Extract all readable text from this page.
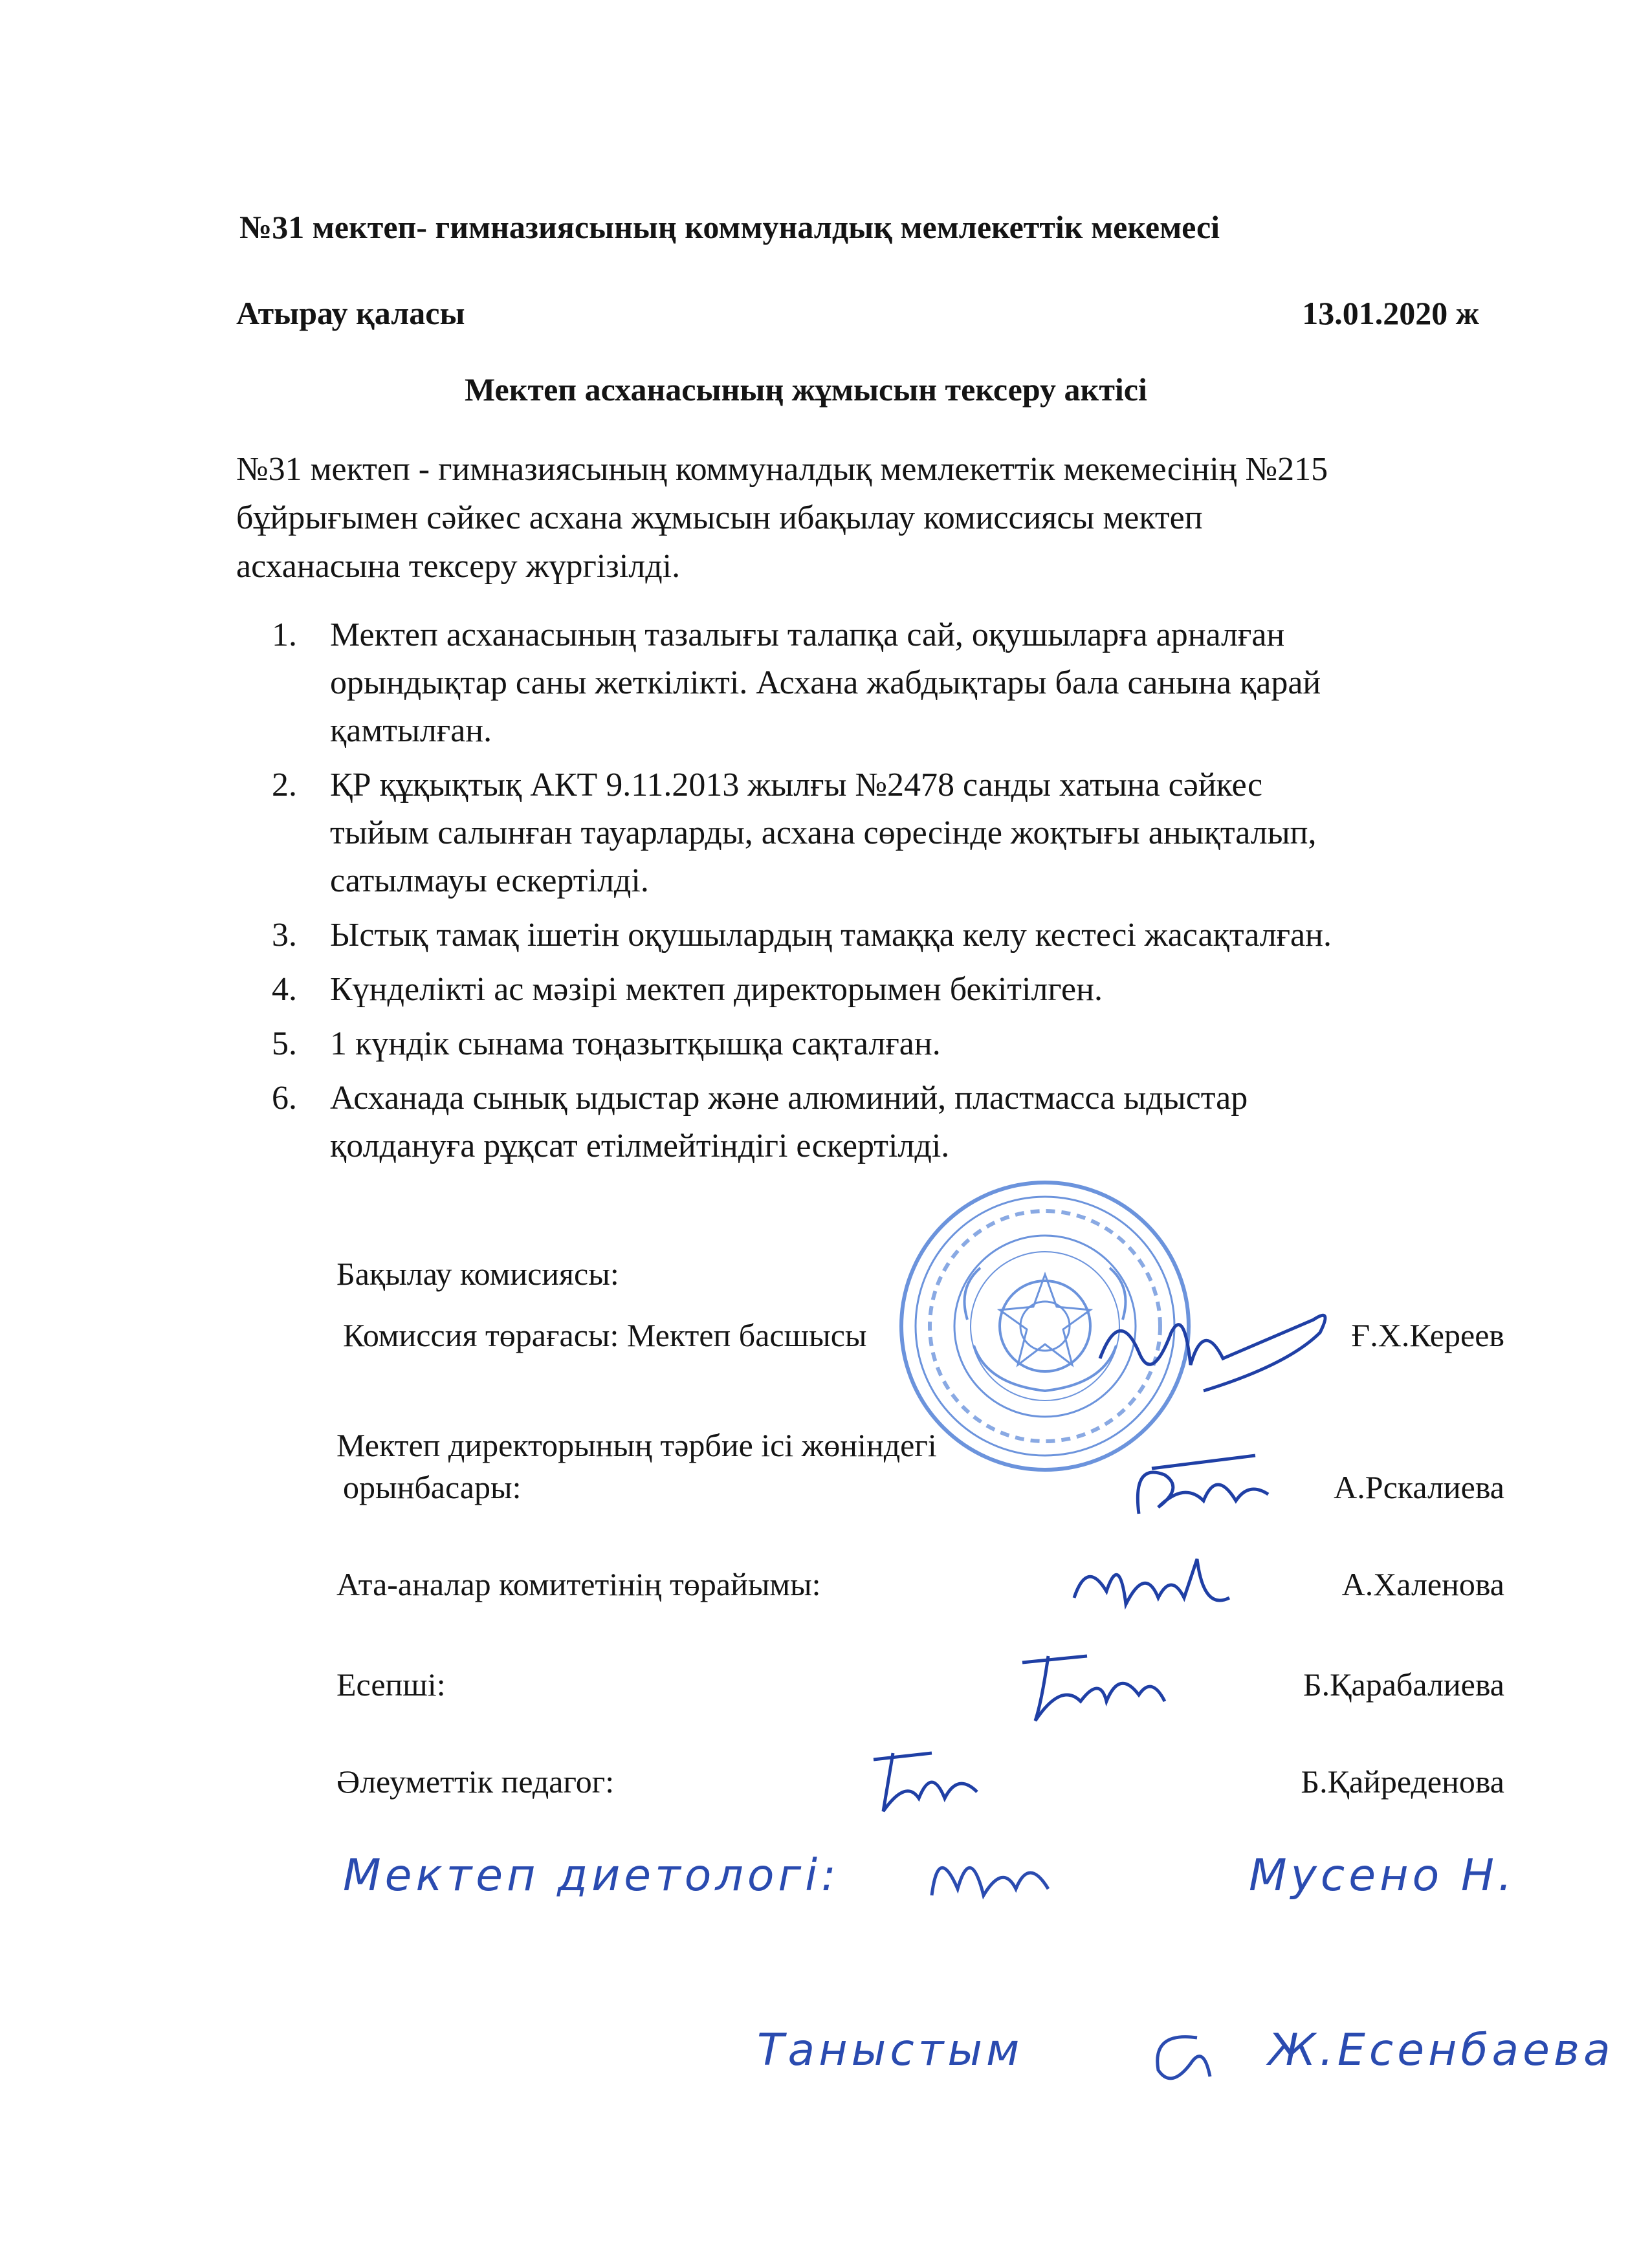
№31 мектеп- гимназиясының коммуналдық мемлекеттік мекемесі
Атырау қаласы	13.01.2020 ж
Мектеп асханасының жұмысын тексеру актісі
№31 мектеп - гимназиясының коммуналдық мемлекеттік мекемесінің №215
бұйрығымен сәйкес асхана жұмысын ибақылау комиссиясы мектеп
асханасына тексеру жүргізілді.
1. Мектеп асханасының тазалығы талапқа сай, оқушыларға арналған
орындықтар саны жеткілікті. Асхана жабдықтары бала санына қарай
қамтылған.
2. ҚР құқықтық АКТ 9.11.2013 жылғы №2478 санды хатына сәйкес
тыйым салынған тауарларды, асхана сөресінде жоқтығы анықталып,
сатылмауы ескертілді.
3. Ыстық тамақ ішетін оқушылардың тамаққа келу кестесі жасақталған.
4. Күнделікті ас мәзірі мектеп директорымен бекітілген.
5. 1 күндік сынама тоңазытқышқа сақталған.
6. Асханада сынық ыдыстар және алюминий, пластмасса ыдыстар
қолдануға рұқсат етілмейтіндігі ескертілді.
Бақылау комисиясы:
Комиссия төрағасы: Мектеп басшысы	Ғ.Х.Кереев
Мектеп директорының тәрбие ісі жөніндегі
орынбасары:	А.Рскалиева
Ата-аналар комитетінің төрайымы:	А.Халенова
Есепші:	Б.Қарабалиева
Әлеуметтік педагог:	Б.Қайреденова
Мектеп диетологі:	Мусено Н.
Таныстым	Ж.Есенбаева
